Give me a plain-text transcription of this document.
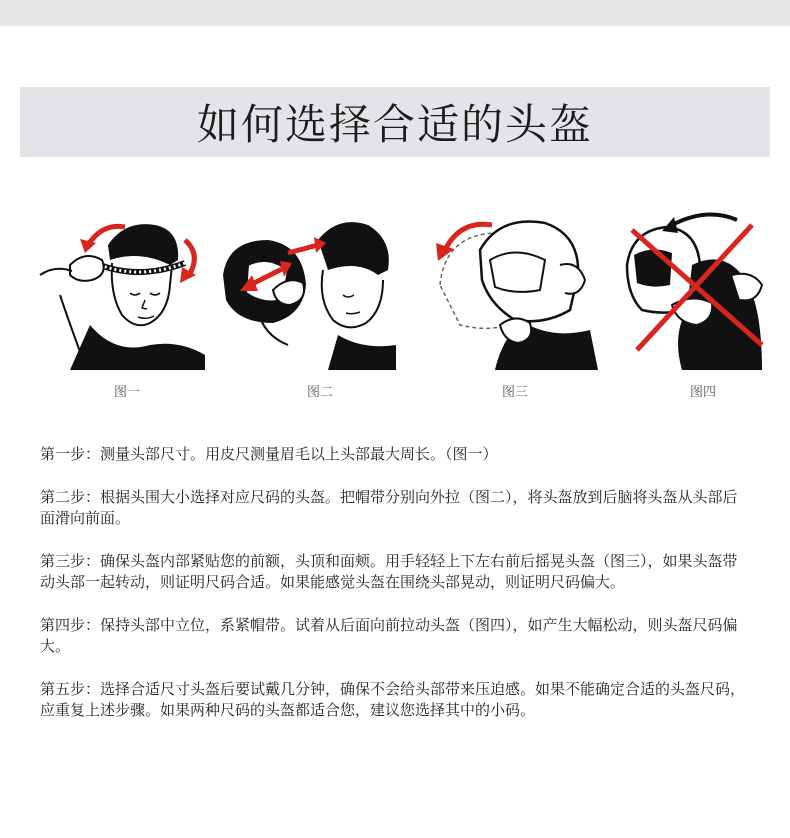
如何选择合适的头盔
图一	图二	图三	图四

第一步：测量头部尺寸。用皮尺测量眉毛以上头部最大周长。（图一）

第二步：根据头围大小选择对应尺码的头盔。把帽带分别向外拉（图二），将头盔放到后脑将头盔从头部后面滑向前面。

第三步：确保头盔内部紧贴您的前额，头顶和面颊。用手轻轻上下左右前后摇晃头盔（图三），如果头盔带动头部一起转动，则证明尺码合适。如果能感觉头盔在围绕头部晃动，则证明尺码偏大。

第四步：保持头部中立位，系紧帽带。试着从后面向前拉动头盔（图四），如产生大幅松动，则头盔尺码偏大。

第五步：选择合适尺寸头盔后要试戴几分钟，确保不会给头部带来压迫感。如果不能确定合适的头盔尺码，应重复上述步骤。如果两种尺码的头盔都适合您，建议您选择其中的小码。
